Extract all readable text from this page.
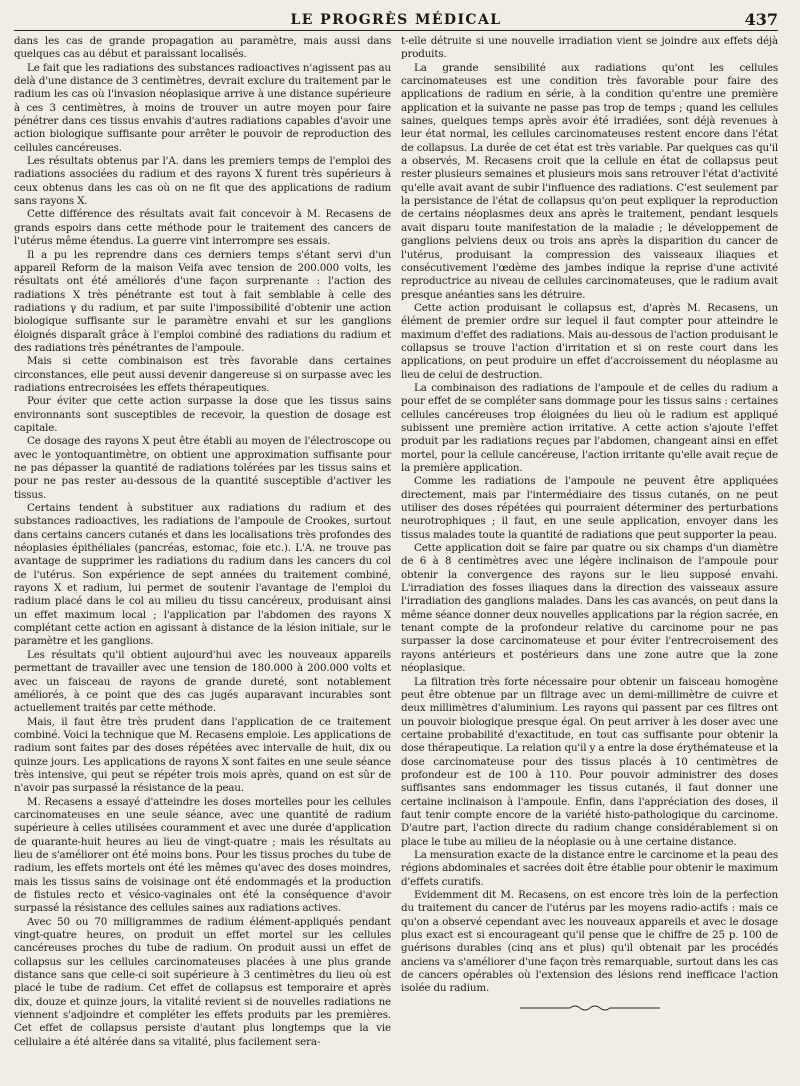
LE PROGRÈS MÉDICAL	437

dans les cas de grande propagation au paramètre, mais aussi dans quelques cas au début et paraissant localisés.

Le fait que les radiations des substances radioactives n'agissent pas au delà d'une distance de 3 centimètres, devrait exclure du traitement par le radium les cas où l'invasion néoplasique arrive à une distance supérieure à ces 3 centimètres, à moins de trouver un autre moyen pour faire pénétrer dans ces tissus envahis d'autres radiations capables d'avoir une action biologique suffisante pour arrêter le pouvoir de reproduction des cellules cancéreuses.

Les résultats obtenus par l'A. dans les premiers temps de l'emploi des radiations associées du radium et des rayons X furent très supérieurs à ceux obtenus dans les cas où on ne fit que des applications de radium sans rayons X.

Cette différence des résultats avait fait concevoir à M. Recasens de grands espoirs dans cette méthode pour le traitement des cancers de l'utérus même étendus. La guerre vint interrompre ses essais.

Il a pu les reprendre dans ces derniers temps s'étant servi d'un appareil Reform de la maison Veifa avec tension de 200.000 volts, les résultats ont été améliorés d'une façon surprenante : l'action des radiations X très pénétrante est tout à fait semblable à celle des radiations γ du radium, et par suite l'impossibilité d'obtenir une action biologique suffisante sur le paramètre envahi et sur les ganglions éloignés disparaît grâce à l'emploi combiné des radiations du radium et des radiations très pénétrantes de l'ampoule.

Mais si cette combinaison est très favorable dans certaines circonstances, elle peut aussi devenir dangereuse si on surpasse avec les radiations entrecroisées les effets thérapeutiques.

Pour éviter que cette action surpasse la dose que les tissus sains environnants sont susceptibles de recevoir, la question de dosage est capitale.

Ce dosage des rayons X peut être établi au moyen de l'électroscope ou avec le yontoquantimètre, on obtient une approximation suffisante pour ne pas dépasser la quantité de radiations tolérées par les tissus sains et pour ne pas rester au-dessous de la quantité susceptible d'activer les tissus.

Certains tendent à substituer aux radiations du radium et des substances radioactives, les radiations de l'ampoule de Crookes, surtout dans certains cancers cutanés et dans les localisations très profondes des néoplasies épithéliales (pancréas, estomac, foie etc.). L'A. ne trouve pas avantage de supprimer les radiations du radium dans les cancers du col de l'utérus. Son expérience de sept années du traitement combiné, rayons X et radium, lui permet de soutenir l'avantage de l'emploi du radium placé dans le col au milieu du tissu cancéreux, produisant ainsi un effet maximum local ; l'application par l'abdomen des rayons X complétant cette action en agissant à distance de la lésion initiale, sur le paramètre et les ganglions.

Les résultats qu'il obtient aujourd'hui avec les nouveaux appareils permettant de travailler avec une tension de 180.000 à 200.000 volts et avec un faisceau de rayons de grande dureté, sont notablement améliorés, à ce point que des cas jugés auparavant incurables sont actuellement traités par cette méthode.

Mais, il faut être très prudent dans l'application de ce traitement combiné. Voici la technique que M. Recasens emploie. Les applications de radium sont faites par des doses répétées avec intervalle de huit, dix ou quinze jours. Les applications de rayons X sont faites en une seule séance très intensive, qui peut se répéter trois mois après, quand on est sûr de n'avoir pas surpassé la résistance de la peau.

M. Recasens a essayé d'atteindre les doses mortelles pour les cellules carcinomateuses en une seule séance, avec une quantité de radium supérieure à celles utilisées couramment et avec une durée d'application de quarante-huit heures au lieu de vingt-quatre ; mais les résultats au lieu de s'améliorer ont été moins bons. Pour les tissus proches du tube de radium, les effets mortels ont été les mêmes qu'avec des doses moindres, mais les tissus sains de voisinage ont été endommagés et la production de fistules recto et vésico-vaginales ont été la conséquence d'avoir surpassé la résistance des cellules saines aux radiations actives.

Avec 50 ou 70 milligrammes de radium élément-appliqués pendant vingt-quatre heures, on produit un effet mortel sur les cellules cancéreuses proches du tube de radium. On produit aussi un effet de collapsus sur les cellules carcinomateuses placées à une plus grande distance sans que celle-ci soit supérieure à 3 centimètres du lieu où est placé le tube de radium. Cet effet de collapsus est temporaire et après dix, douze et quinze jours, la vitalité revient si de nouvelles radiations ne viennent s'adjoindre et compléter les effets produits par les premières. Cet effet de collapsus persiste d'autant plus longtemps que la vie cellulaire a été altérée dans sa vitalité, plus facilement sera-

t-elle détruite si une nouvelle irradiation vient se joindre aux effets déjà produits.

La grande sensibilité aux radiations qu'ont les cellules carcinomateuses est une condition très favorable pour faire des applications de radium en série, à la condition qu'entre une première application et la suivante ne passe pas trop de temps ; quand les cellules saines, quelques temps après avoir été irradiées, sont déjà revenues à leur état normal, les cellules carcinomateuses restent encore dans l'état de collapsus. La durée de cet état est très variable. Par quelques cas qu'il a observés, M. Recasens croit que la cellule en état de collapsus peut rester plusieurs semaines et plusieurs mois sans retrouver l'état d'activité qu'elle avait avant de subir l'influence des radiations. C'est seulement par la persistance de l'état de collapsus qu'on peut expliquer la reproduction de certains néoplasmes deux ans après le traitement, pendant lesquels avait disparu toute manifestation de la maladie ; le développement de ganglions pelviens deux ou trois ans après la disparition du cancer de l'utérus, produisant la compression des vaisseaux iliaques et consécutivement l'œdème des jambes indique la reprise d'une activité reproductrice au niveau de cellules carcinomateuses, que le radium avait presque anéanties sans les détruire.

Cette action produisant le collapsus est, d'après M. Recasens, un élément de premier ordre sur lequel il faut compter pour atteindre le maximum d'effet des radiations. Mais au-dessous de l'action produisant le collapsus se trouve l'action d'irritation et si on reste court dans les applications, on peut produire un effet d'accroissement du néoplasme au lieu de celui de destruction.

La combinaison des radiations de l'ampoule et de celles du radium a pour effet de se compléter sans dommage pour les tissus sains : certaines cellules cancéreuses trop éloignées du lieu où le radium est appliqué subissent une première action irritative. A cette action s'ajoute l'effet produit par les radiations reçues par l'abdomen, changeant ainsi en effet mortel, pour la cellule cancéreuse, l'action irritante qu'elle avait reçue de la première application.

Comme les radiations de l'ampoule ne peuvent être appliquées directement, mais par l'intermédiaire des tissus cutanés, on ne peut utiliser des doses répétées qui pourraient déterminer des perturbations neurotrophiques ; il faut, en une seule application, envoyer dans les tissus malades toute la quantité de radiations que peut supporter la peau.

Cette application doit se faire par quatre ou six champs d'un diamètre de 6 à 8 centimètres avec une légère inclinaison de l'ampoule pour obtenir la convergence des rayons sur le lieu supposé envahi. L'irradiation des fosses iliaques dans la direction des vaisseaux assure l'irradiation des ganglions malades. Dans les cas avancés, on peut dans la même séance donner deux nouvelles applications par la région sacrée, en tenant compte de la profondeur relative du carcinome pour ne pas surpasser la dose carcinomateuse et pour éviter l'entrecroisement des rayons antérieurs et postérieurs dans une zone autre que la zone néoplasique.

La filtration très forte nécessaire pour obtenir un faisceau homogène peut être obtenue par un filtrage avec un demi-millimètre de cuivre et deux millimètres d'aluminium. Les rayons qui passent par ces filtres ont un pouvoir biologique presque égal. On peut arriver à les doser avec une certaine probabilité d'exactitude, en tout cas suffisante pour obtenir la dose thérapeutique. La relation qu'il y a entre la dose érythémateuse et la dose carcinomateuse pour des tissus placés à 10 centimètres de profondeur est de 100 à 110. Pour pouvoir administrer des doses suffisantes sans endommager les tissus cutanés, il faut donner une certaine inclinaison à l'ampoule. Enfin, dans l'appréciation des doses, il faut tenir compte encore de la variété histo-pathologique du carcinome. D'autre part, l'action directe du radium change considérablement si on place le tube au milieu de la néoplasie ou à une certaine distance.

La mensuration exacte de la distance entre le carcinome et la peau des régions abdominales et sacrées doit être établie pour obtenir le maximum d'effets curatifs.

Evidemment dit M. Recasens, on est encore très loin de la perfection du traitement du cancer de l'utérus par les moyens radio-actifs : mais ce qu'on a observé cependant avec les nouveaux appareils et avec le dosage plus exact est si encourageant qu'il pense que le chiffre de 25 p. 100 de guérisons durables (cinq ans et plus) qu'il obtenait par les procédés anciens va s'améliorer d'une façon très remarquable, surtout dans les cas de cancers opérables où l'extension des lésions rend inefficace l'action isolée du radium.
